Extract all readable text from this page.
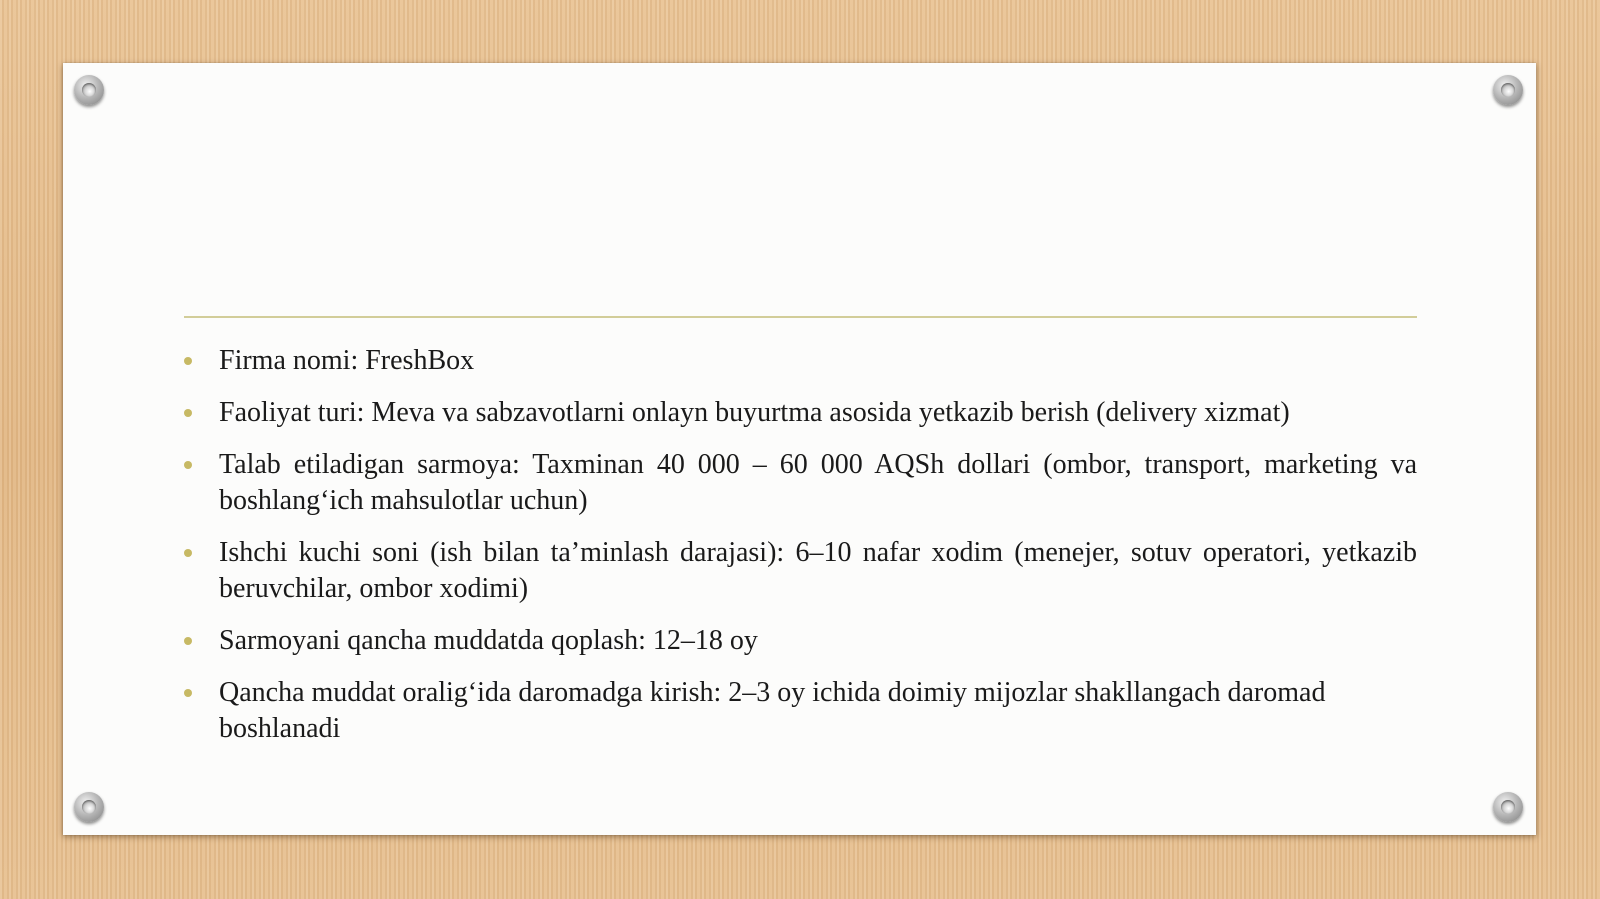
Firma nomi: FreshBox
Faoliyat turi: Meva va sabzavotlarni onlayn buyurtma asosida yetkazib berish (delivery xizmat)
Talab etiladigan sarmoya: Taxminan 40 000 – 60 000 AQSh dollari (ombor, transport, marketing va boshlang‘ich mahsulotlar uchun)
Ishchi kuchi soni (ish bilan ta’minlash darajasi): 6–10 nafar xodim (menejer, sotuv operatori, yetkazib beruvchilar, ombor xodimi)
Sarmoyani qancha muddatda qoplash: 12–18 oy
Qancha muddat oralig‘ida daromadga kirish: 2–3 oy ichida doimiy mijozlar shakllangach daromad boshlanadi
